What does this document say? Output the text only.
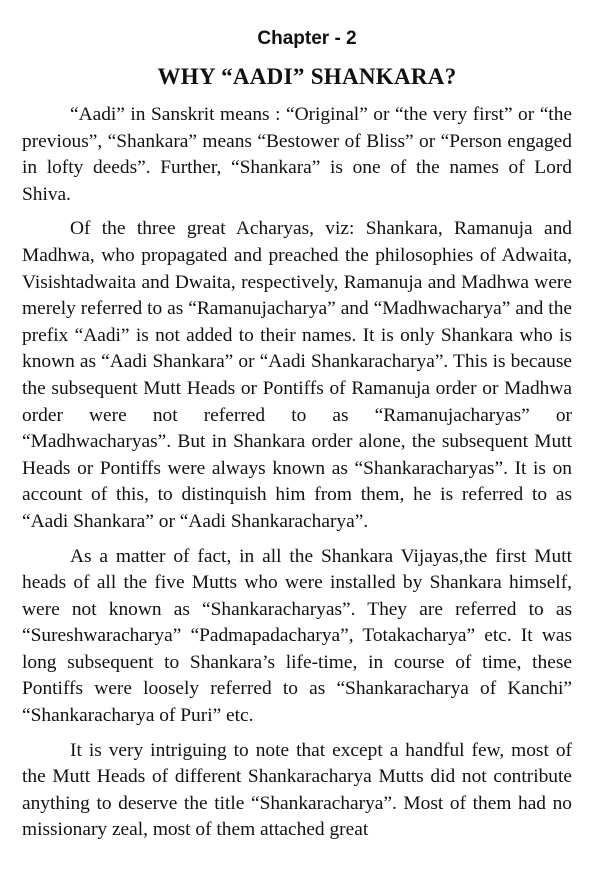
Chapter - 2
WHY “AADI” SHANKARA?

“Aadi” in Sanskrit means : “Original” or “the very first” or “the previous”, “Shankara” means “Bestower of Bliss” or “Person engaged in lofty deeds”. Further, “Shankara” is one of the names of Lord Shiva.

Of the three great Acharyas, viz: Shankara, Ramanuja and Madhwa, who propagated and preached the philosophies of Adwaita, Visishtadwaita and Dwaita, respectively, Ramanuja and Madhwa were merely referred to as “Ramanujacharya” and “Madhwacharya” and the prefix “Aadi” is not added to their names. It is only Shankara who is known as “Aadi Shankara” or “Aadi Shankaracharya”. This is because the subsequent Mutt Heads or Pontiffs of Ramanuja order or Madhwa order were not referred to as “Ramanujacharyas” or “Madhwacharyas”. But in Shankara order alone, the subsequent Mutt Heads or Pontiffs were always known as “Shankaracharyas”. It is on account of this, to distinquish him from them, he is referred to as “Aadi Shankara” or “Aadi Shankaracharya”.

As a matter of fact, in all the Shankara Vijayas,the first Mutt heads of all the five Mutts who were installed by Shankara himself, were not known as “Shankaracharyas”. They are referred to as “Sureshwaracharya” “Padmapadacharya”, Totakacharya” etc. It was long subsequent to Shankara’s life-time, in course of time, these Pontiffs were loosely referred to as “Shankaracharya of Kanchi” “Shankaracharya of Puri” etc.

It is very intriguing to note that except a handful few, most of the Mutt Heads of different Shankaracharya Mutts did not contribute anything to deserve the title “Shankaracharya”. Most of them had no missionary zeal, most of them attached great
